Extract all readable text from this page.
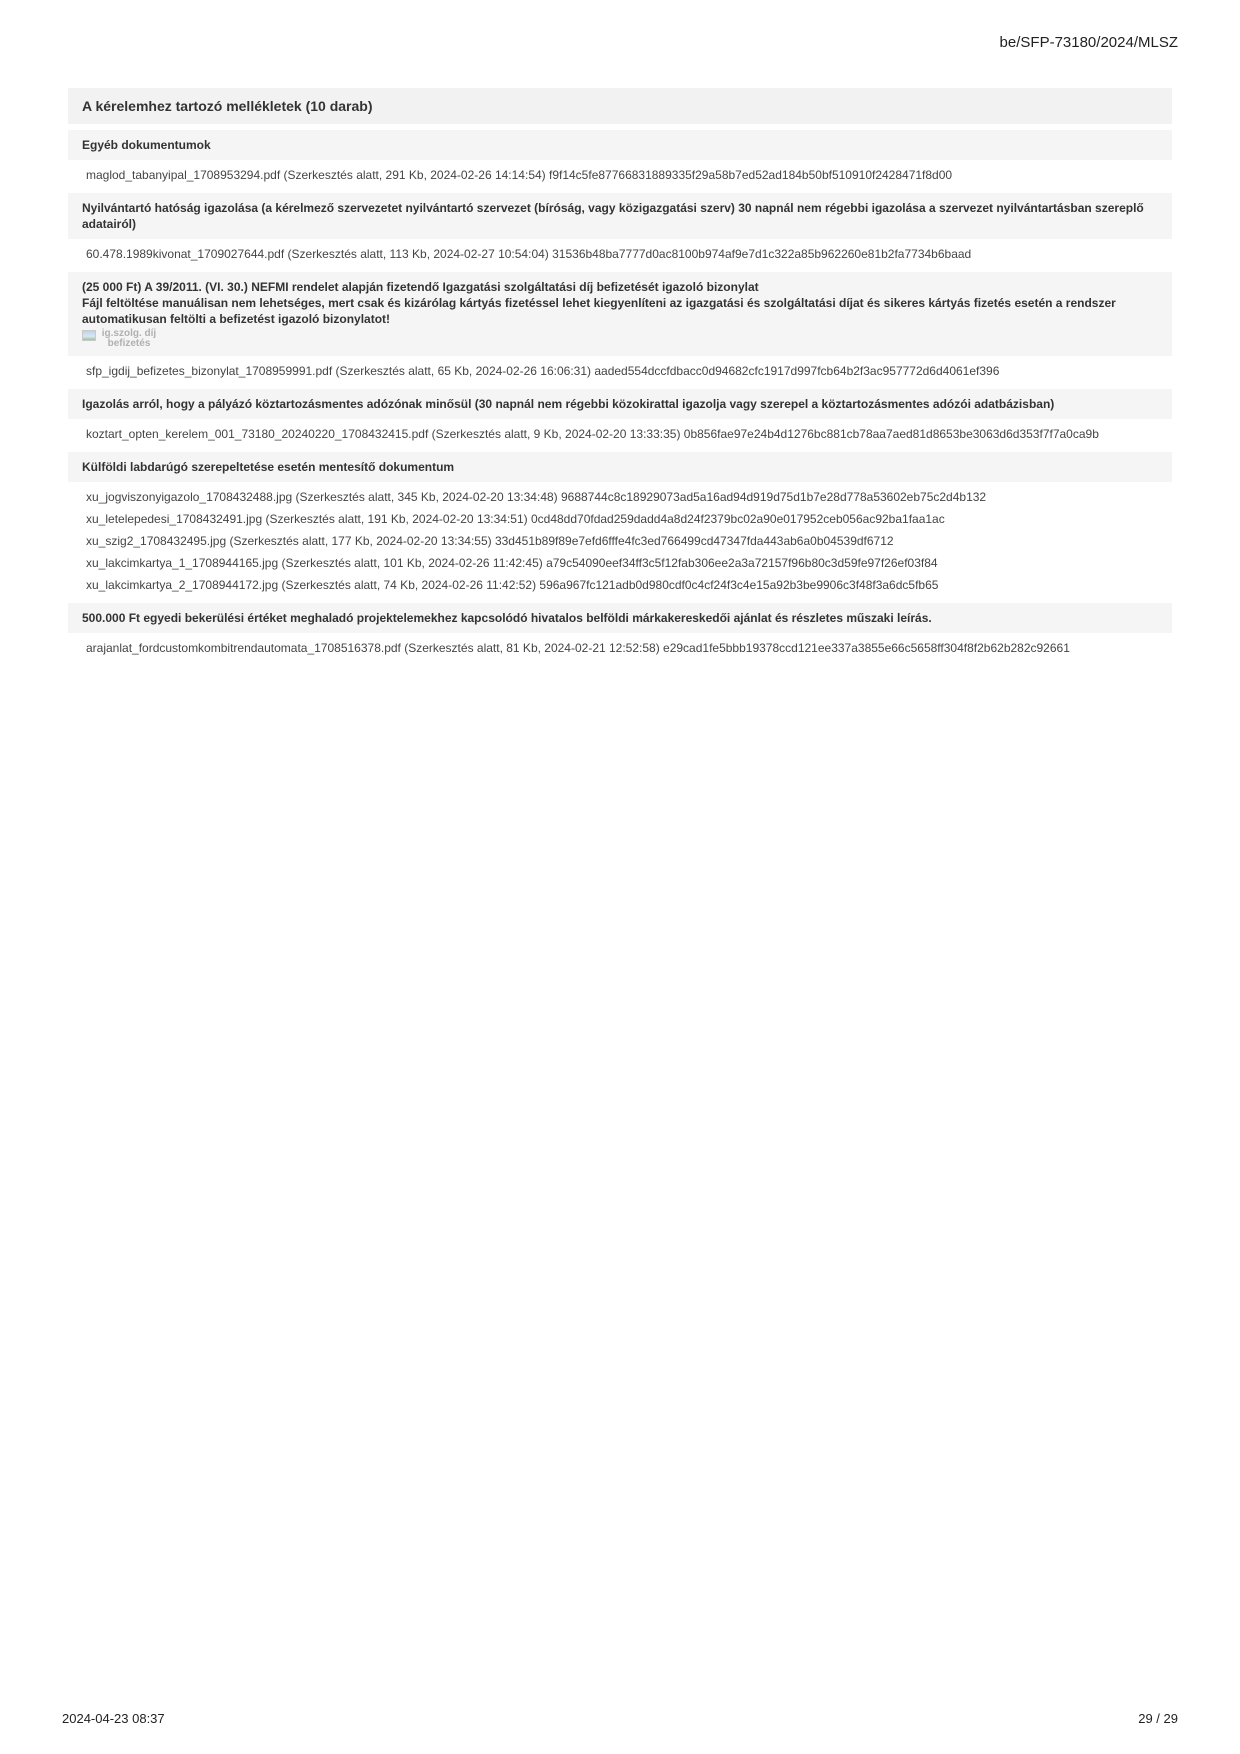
be/SFP-73180/2024/MLSZ
A kérelemhez tartozó mellékletek (10 darab)
Egyéb dokumentumok
maglod_tabanyipal_1708953294.pdf (Szerkesztés alatt, 291 Kb, 2024-02-26 14:14:54) f9f14c5fe87766831889335f29a58b7ed52ad184b50bf510910f2428471f8d00
Nyilvántartó hatóság igazolása (a kérelmező szervezetet nyilvántartó szervezet (bíróság, vagy közigazgatási szerv) 30 napnál nem régebbi igazolása a szervezet nyilvántartásban szereplő adatairól)
60.478.1989kivonat_1709027644.pdf (Szerkesztés alatt, 113 Kb, 2024-02-27 10:54:04) 31536b48ba7777d0ac8100b974af9e7d1c322a85b962260e81b2fa7734b6baad
(25 000 Ft) A 39/2011. (VI. 30.) NEFMI rendelet alapján fizetendő Igazgatási szolgáltatási díj befizetését igazoló bizonylat
Fájl feltöltése manuálisan nem lehetséges, mert csak és kizárólag kártyás fizetéssel lehet kiegyenlíteni az igazgatási és szolgáltatási díjat és sikeres kártyás fizetés esetén a rendszer automatikusan feltölti a befizetést igazoló bizonylatot!
ig.szolg. díj befizetés
sfp_igdij_befizetes_bizonylat_1708959991.pdf (Szerkesztés alatt, 65 Kb, 2024-02-26 16:06:31) aaded554dccfdbacc0d94682cfc1917d997fcb64b2f3ac957772d6d4061ef396
Igazolás arról, hogy a pályázó köztartozásmentes adózónak minősül (30 napnál nem régebbi közokirattal igazolja vagy szerepel a köztartozásmentes adózói adatbázisban)
koztart_opten_kerelem_001_73180_20240220_1708432415.pdf (Szerkesztés alatt, 9 Kb, 2024-02-20 13:33:35) 0b856fae97e24b4d1276bc881cb78aa7aed81d8653be3063d6d353f7f7a0ca9b
Külföldi labdarúgó szerepeltetése esetén mentesítő dokumentum
xu_jogviszonyigazolo_1708432488.jpg (Szerkesztés alatt, 345 Kb, 2024-02-20 13:34:48) 9688744c8c18929073ad5a16ad94d919d75d1b7e28d778a53602eb75c2d4b132
xu_letelepedesi_1708432491.jpg (Szerkesztés alatt, 191 Kb, 2024-02-20 13:34:51) 0cd48dd70fdad259dadd4a8d24f2379bc02a90e017952ceb056ac92ba1faa1ac
xu_szig2_1708432495.jpg (Szerkesztés alatt, 177 Kb, 2024-02-20 13:34:55) 33d451b89f89e7efd6fffe4fc3ed766499cd47347fda443ab6a0b04539df6712
xu_lakcimkartya_1_1708944165.jpg (Szerkesztés alatt, 101 Kb, 2024-02-26 11:42:45) a79c54090eef34ff3c5f12fab306ee2a3a72157f96b80c3d59fe97f26ef03f84
xu_lakcimkartya_2_1708944172.jpg (Szerkesztés alatt, 74 Kb, 2024-02-26 11:42:52) 596a967fc121adb0d980cdf0c4cf24f3c4e15a92b3be9906c3f48f3a6dc5fb65
500.000 Ft egyedi bekerülési értéket meghaladó projektelemekhez kapcsolódó hivatalos belföldi márkakereskedői ajánlat és részletes műszaki leírás.
arajanlat_fordcustomkombitrendautomata_1708516378.pdf (Szerkesztés alatt, 81 Kb, 2024-02-21 12:52:58) e29cad1fe5bbb19378ccd121ee337a3855e66c5658ff304f8f2b62b282c92661
2024-04-23 08:37	29 / 29
